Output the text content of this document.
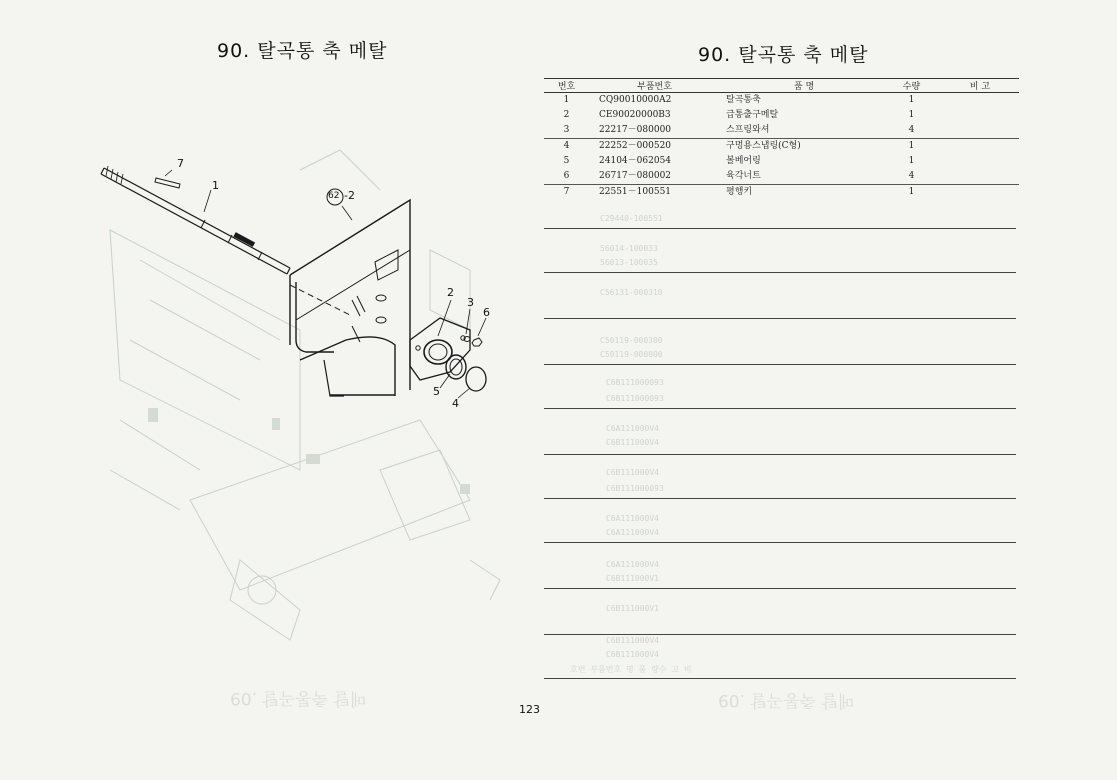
90. 탈곡통 축 메탈
7
1
62 -2
2
3
6
5
4
메탈 축통곡탈 .09
90. 탈곡통 축 메탈
번호	부품번호	품 명	수량	비 고
1	CQ90010000A2	탈곡통축	1	
2	CE90020000B3	급통출구메탈	1	
3	22217－080000	스프링와셔	4	
4	22252－000520	구멍용스냅링(C형)	1	
5	24104－062054	볼베어링	1	
6	26717－080002	육각너트	4	
7	22551－100551	평행키	1	
C29440-100551
56014-100033
56013-100035
C56131-000310
C50119-000300
C50119-000000
C6B111000093
C6B111000093
C6A111000V4
C6B111000V4
C6B111000V4
C6B111000093
C6A111000V4
C6A111000V4
C6A111000V4
C6B111000V1
C6B111000V1
C6B111000V4
C6B111000V4
호번 부품번호 명 품 량수 고 비
메탈 축통곡탈 .09
123
